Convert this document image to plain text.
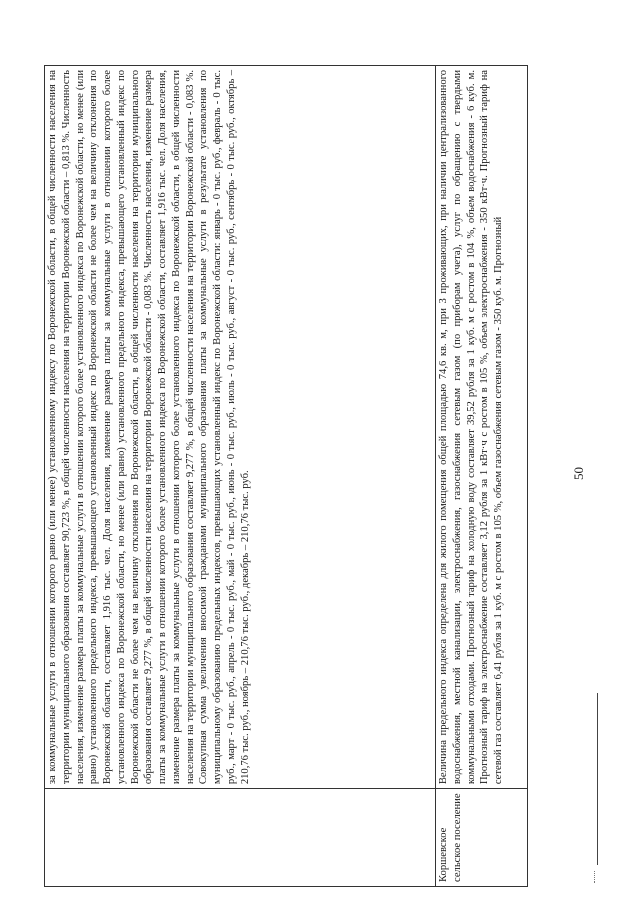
50

	за коммунальные услуги в отношении которого равно (или менее) установленному индексу по Воронежской области, в общей численности населения на территории муниципального образования составляет 90,723 %, в общей численности населения на территории Воронежской области – 0,813 %. Численность населения, изменение размера платы за коммунальные услуги в отношении которого более установленного индекса по Воронежской области, но менее (или равно) установленного предельного индекса, превышающего установленный индекс по Воронежской области не более чем на величину отклонения по Воронежской области, составляет 1,916 тыс. чел. Доля населения, изменение размера платы за коммунальные услуги в отношении которого более установленного индекса по Воронежской области, но менее (или равно) установленного предельного индекса, превышающего установленный индекс по Воронежской области не более чем на величину отклонения по Воронежской области, в общей численности населения на территории муниципального образования составляет 9,277 %, в общей численности населения на территории Воронежской области - 0,083 %. Численность населения, изменение размера платы за коммунальные услуги в отношении которого более установленного индекса по Воронежской области, составляет 1,916 тыс. чел. Доля населения, изменение размера платы за коммунальные услуги в отношении которого более установленного индекса по Воронежской области, в общей численности населения на территории муниципального образования составляет 9,277 %, в общей численности населения на территории Воронежской области - 0,083 %. Совокупная сумма увеличения вносимой гражданами муниципального образования платы за коммунальные услуги в результате установления по муниципальному образованию предельных индексов, превышающих установленный индекс по Воронежской области: январь - 0 тыс. руб., февраль - 0 тыс. руб., март - 0 тыс. руб., апрель - 0 тыс. руб., май - 0 тыс. руб., июнь - 0 тыс. руб., июль - 0 тыс. руб., август - 0 тыс. руб., сентябрь - 0 тыс. руб., октябрь – 210,76 тыс. руб., ноябрь – 210,76 тыс. руб., декабрь – 210,76 тыс. руб.

Коршевское сельское поселение	Величина предельного индекса определена для жилого помещения общей площадью 74,6 кв. м, при 3 проживающих, при наличии централизованного водоснабжения, местной канализации, электроснабжения, газоснабжения сетевым газом (по приборам учета), услуг по обращению с твердыми коммунальными отходами. Прогнозный тариф на холодную воду составляет 39,52 рубля за 1 куб. м с ростом в 104 %, объем водоснабжения - 6 куб. м. Прогнозный тариф на электроснабжение составляет 3,12 рубля за 1 кВт·ч с ростом в 105 %, объем электроснабжения - 350 кВт·ч. Прогнозный тариф на сетевой газ составляет 6,41 рубля за 1 куб. м с ростом в 105 %, объем газоснабжения сетевым газом - 350 куб. м. Прогнозный
